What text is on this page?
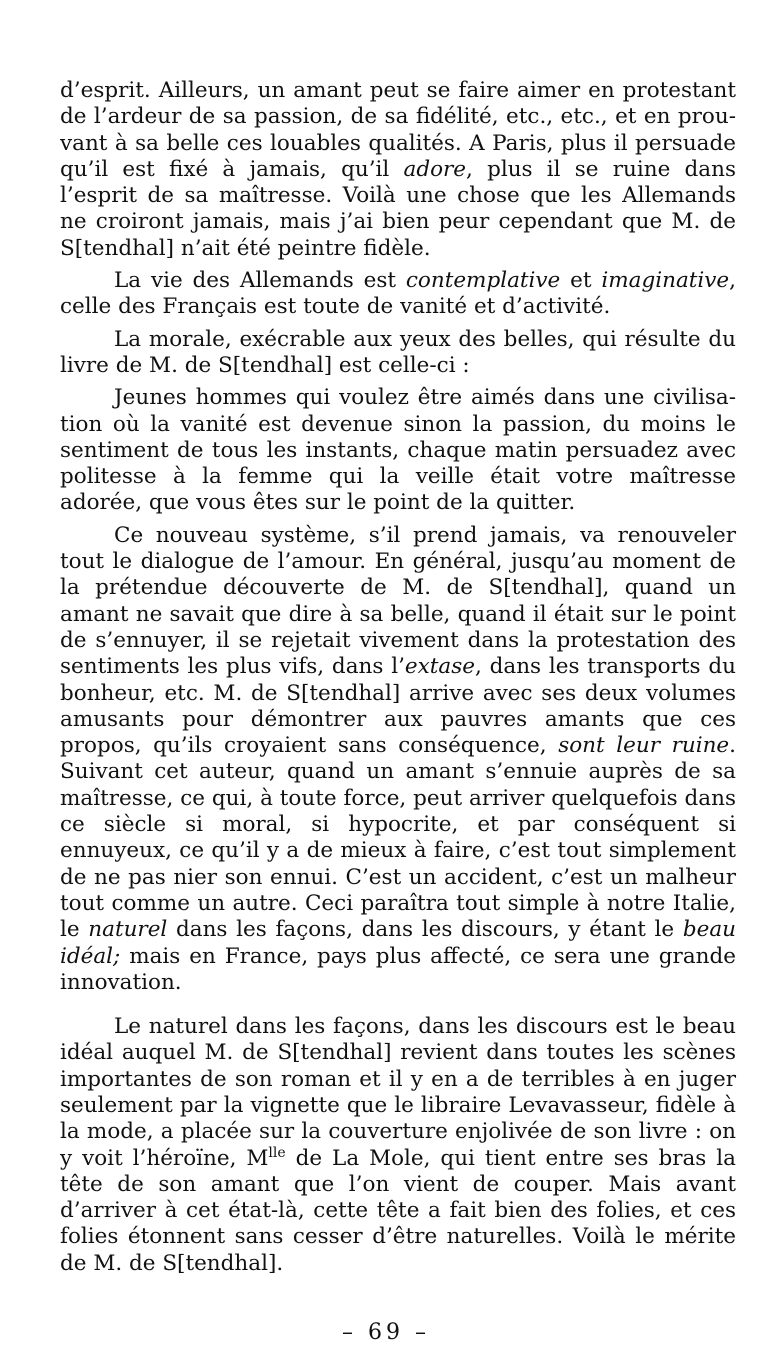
d’esprit. Ailleurs, un amant peut se faire aimer en protestant de l’ardeur de sa passion, de sa fidélité, etc., etc., et en prouvant à sa belle ces louables qualités. A Paris, plus il persuade qu’il est fixé à jamais, qu’il adore, plus il se ruine dans l’esprit de sa maîtresse. Voilà une chose que les Allemands ne croiront jamais, mais j’ai bien peur cependant que M. de S[tendhal] n’ait été peintre fidèle.

La vie des Allemands est contemplative et imaginative, celle des Français est toute de vanité et d’activité.

La morale, exécrable aux yeux des belles, qui résulte du livre de M. de S[tendhal] est celle-ci :

Jeunes hommes qui voulez être aimés dans une civilisation où la vanité est devenue sinon la passion, du moins le sentiment de tous les instants, chaque matin persuadez avec politesse à la femme qui la veille était votre maîtresse adorée, que vous êtes sur le point de la quitter.

Ce nouveau système, s’il prend jamais, va renouveler tout le dialogue de l’amour. En général, jusqu’au moment de la prétendue découverte de M. de S[tendhal], quand un amant ne savait que dire à sa belle, quand il était sur le point de s’ennuyer, il se rejetait vivement dans la protestation des sentiments les plus vifs, dans l’extase, dans les transports du bonheur, etc. M. de S[tendhal] arrive avec ses deux volumes amusants pour démontrer aux pauvres amants que ces propos, qu’ils croyaient sans conséquence, sont leur ruine. Suivant cet auteur, quand un amant s’ennuie auprès de sa maîtresse, ce qui, à toute force, peut arriver quelquefois dans ce siècle si moral, si hypocrite, et par conséquent si ennuyeux, ce qu’il y a de mieux à faire, c’est tout simplement de ne pas nier son ennui. C’est un accident, c’est un malheur tout comme un autre. Ceci paraîtra tout simple à notre Italie, le naturel dans les façons, dans les discours, y étant le beau idéal; mais en France, pays plus affecté, ce sera une grande innovation.

Le naturel dans les façons, dans les discours est le beau idéal auquel M. de S[tendhal] revient dans toutes les scènes importantes de son roman et il y en a de terribles à en juger seulement par la vignette que le libraire Levavasseur, fidèle à la mode, a placée sur la couverture enjolivée de son livre : on y voit l’héroïne, $M^{lle}$ de La Mole, qui tient entre ses bras la tête de son amant que l’on vient de couper. Mais avant d’arriver à cet état-là, cette tête a fait bien des folies, et ces folies étonnent sans cesser d’être naturelles. Voilà le mérite de M. de S[tendhal].

– 69 –
